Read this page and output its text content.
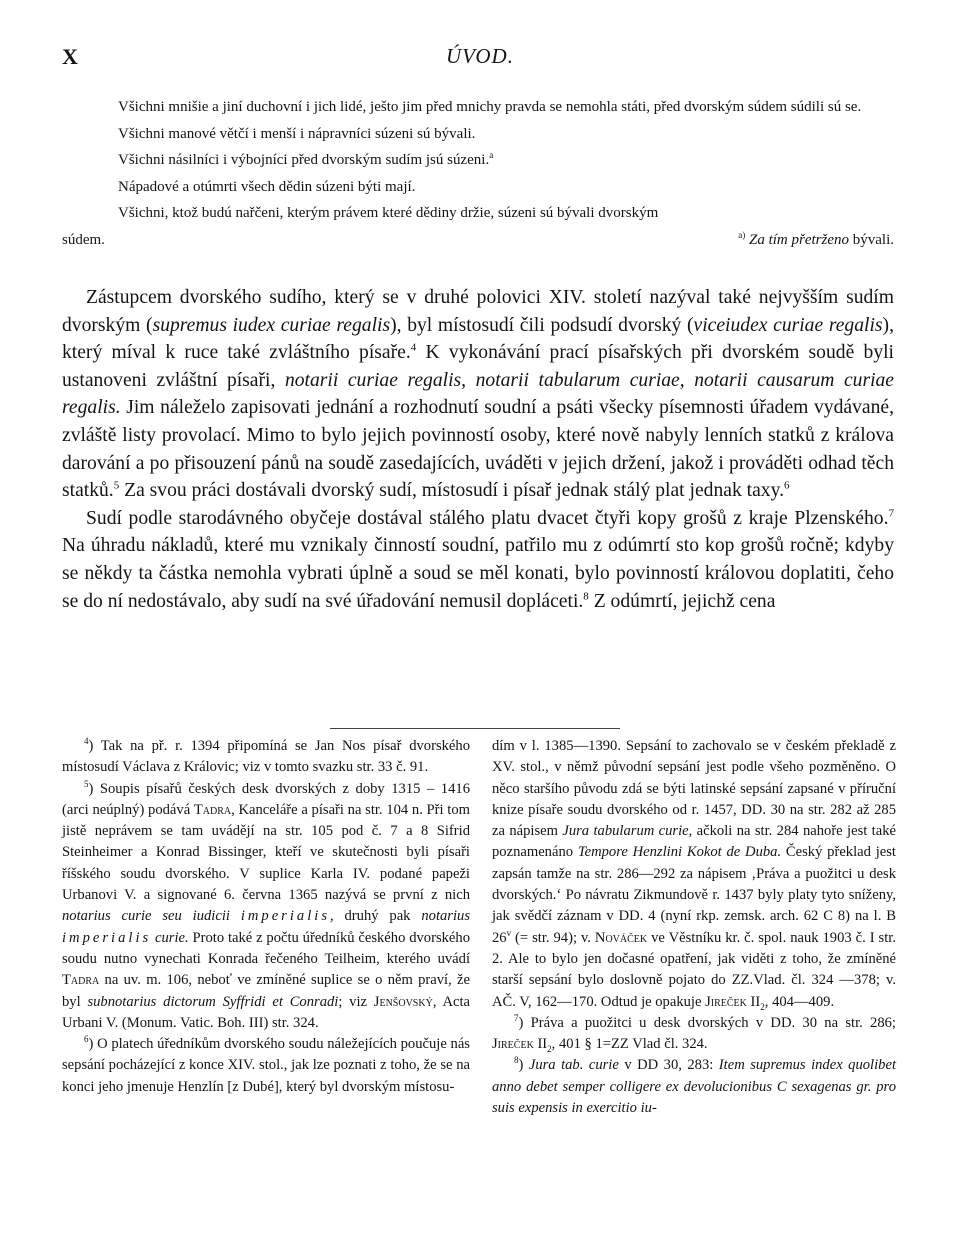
X	ÚVOD.

Všichni mnišie a jiní duchovní i jich lidé, ješto jim před mnichy pravda se nemohla státi, před dvorským súdem súdili sú se.

Všichni manové větčí i menší i nápravníci súzeni sú bývali.

Všichni násilníci i výbojníci před dvorským sudím jsú súzeni.$^a$

Nápadové a otúmrti všech dědin súzeni býti mají.

Všichni, ktož budú nařčeni, kterým právem které dědiny držie, súzeni sú bývali dvorským

súdem.	$^{a)}$ Za tím přetrženo bývali.

Zástupcem dvorského sudího, který se v druhé polovici XIV. století nazýval také nejvyšším sudím dvorským (supremus iudex curiae regalis), byl místosudí čili podsudí dvorský (viceiudex curiae regalis), který míval k ruce také zvláštního písaře.$^4$ K vykonávání prací písařských při dvorském soudě byli ustanoveni zvláštní písaři, notarii curiae regalis, notarii tabularum curiae, notarii causarum curiae regalis. Jim náleželo zapisovati jednání a rozhodnutí soudní a psáti všecky písemnosti úřadem vydávané, zvláště listy provolací. Mimo to bylo jejich povinností osoby, které nově nabyly lenních statků z králova darování a po přisouzení pánů na soudě zasedajících, uváděti v jejich držení, jakož i prováděti odhad těch statků.$^5$ Za svou práci dostávali dvorský sudí, místosudí i písař jednak stálý plat jednak taxy.$^6$

Sudí podle starodávného obyčeje dostával stálého platu dvacet čtyři kopy grošů z kraje Plzenského.$^7$ Na úhradu nákladů, které mu vznikaly činností soudní, patřilo mu z odúmrtí sto kop grošů ročně; kdyby se někdy ta částka nemohla vybrati úplně a soud se měl konati, bylo povinností královou doplatiti, čeho se do ní nedostávalo, aby sudí na své úřadování nemusil dopláceti.$^8$ Z odúmrtí, jejichž cena

$^4$) Tak na př. r. 1394 připomíná se Jan Nos písař dvorského místosudí Václava z Královic; viz v tomto svazku str. 33 č. 91.

$^5$) Soupis písařů českých desk dvorských z doby 1315 – 1416 (arci neúplný) podává Tadra, Kanceláře a písaři na str. 104 n. Při tom jistě neprávem se tam uvádějí na str. 105 pod č. 7 a 8 Sifrid Steinheimer a Konrad Bissinger, kteří ve skutečnosti byli písaři říšského soudu dvorského. V suplice Karla IV. podané papeži Urbanovi V. a signované 6. června 1365 nazývá se první z nich notarius curie seu iudicii imperialis, druhý pak notarius imperialis curie. Proto také z počtu úředníků českého dvorského soudu nutno vynechati Konrada řečeného Teilheim, kterého uvádí Tadra na uv. m. 106, neboť ve zmíněné suplice se o něm praví, že byl subnotarius dictorum Syffridi et Conradi; viz Jenšovský, Acta Urbani V. (Monum. Vatic. Boh. III) str. 324.

$^6$) O platech úředníkům dvorského soudu náležejících poučuje nás sepsání pocházející z konce XIV. stol., jak lze poznati z toho, že se na konci jeho jmenuje Henzlín [z Dubé], který byl dvorským místosu-

dím v l. 1385—1390. Sepsání to zachovalo se v českém překladě z XV. stol., v němž původní sepsání jest podle všeho pozměněno. O něco staršího původu zdá se býti latinské sepsání zapsané v příruční knize písaře soudu dvorského od r. 1457, DD. 30 na str. 282 až 285 za nápisem Jura tabularum curie, ačkoli na str. 284 nahoře jest také poznamenáno Tempore Henzlini Kokot de Duba. Český překlad jest zapsán tamže na str. 286—292 za nápisem ‚Práva a puožitci u desk dvorských.‘ Po návratu Zikmundově r. 1437 byly platy tyto sníženy, jak svědčí záznam v DD. 4 (nyní rkp. zemsk. arch. 62 C 8) na l. B 26$^v$ (= str. 94); v. Nováček ve Věstníku kr. č. spol. nauk 1903 č. I str. 2. Ale to bylo jen dočasné opatření, jak viděti z toho, že zmíněné starší sepsání bylo doslovně pojato do ZZ.Vlad. čl. 324 —378; v. AČ. V, 162—170. Odtud je opakuje Jireček $II_2$, 404—409.

$^7$) Práva a puožitci u desk dvorských v DD. 30 na str. 286; Jireček $II_2$, 401 § 1=ZZ Vlad čl. 324.

$^8$) Jura tab. curie v DD 30, 283: Item supremus index quolibet anno debet semper colligere ex devolucionibus C sexagenas gr. pro suis expensis in exercitio iu-
